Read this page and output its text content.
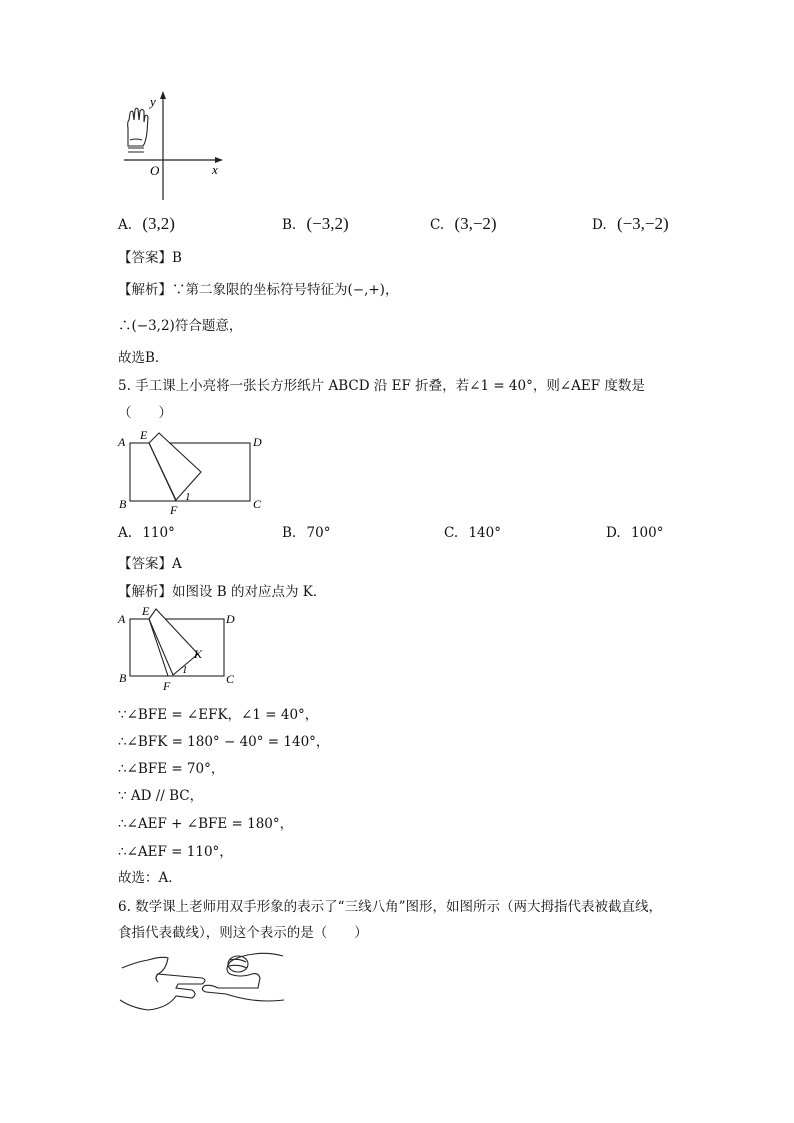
y
x
O
A. (3,2)	B. (−3,2)	C. (3,−2)	D. (−3,−2)
【答案】B
【解析】∵第二象限的坐标符号特征为(−,+)，
∴(−3,2)符合题意，
故选B．
5. 手工课上小亮将一张长方形纸片 ABCD 沿 EF 折叠，若∠1 = 40°，则∠AEF 度数是
（　　）
A E	D
B	F
1	C
A. 110°	B. 70°	C. 140°	D. 100°
【答案】A
【解析】如图设 B 的对应点为 K．
E
A	D
K
1
B
F	C
∵∠BFE = ∠EFK，∠1 = 40°，
∴∠BFK = 180° − 40° = 140°，
∴∠BFE = 70°，
∵ AD // BC，
∴∠AEF + ∠BFE = 180°，
∴∠AEF = 110°，
故选：A．
6. 数学课上老师用双手形象的表示了“三线八角”图形，如图所示（两大拇指代表被截直线，
食指代表截线），则这个表示的是（　　）
